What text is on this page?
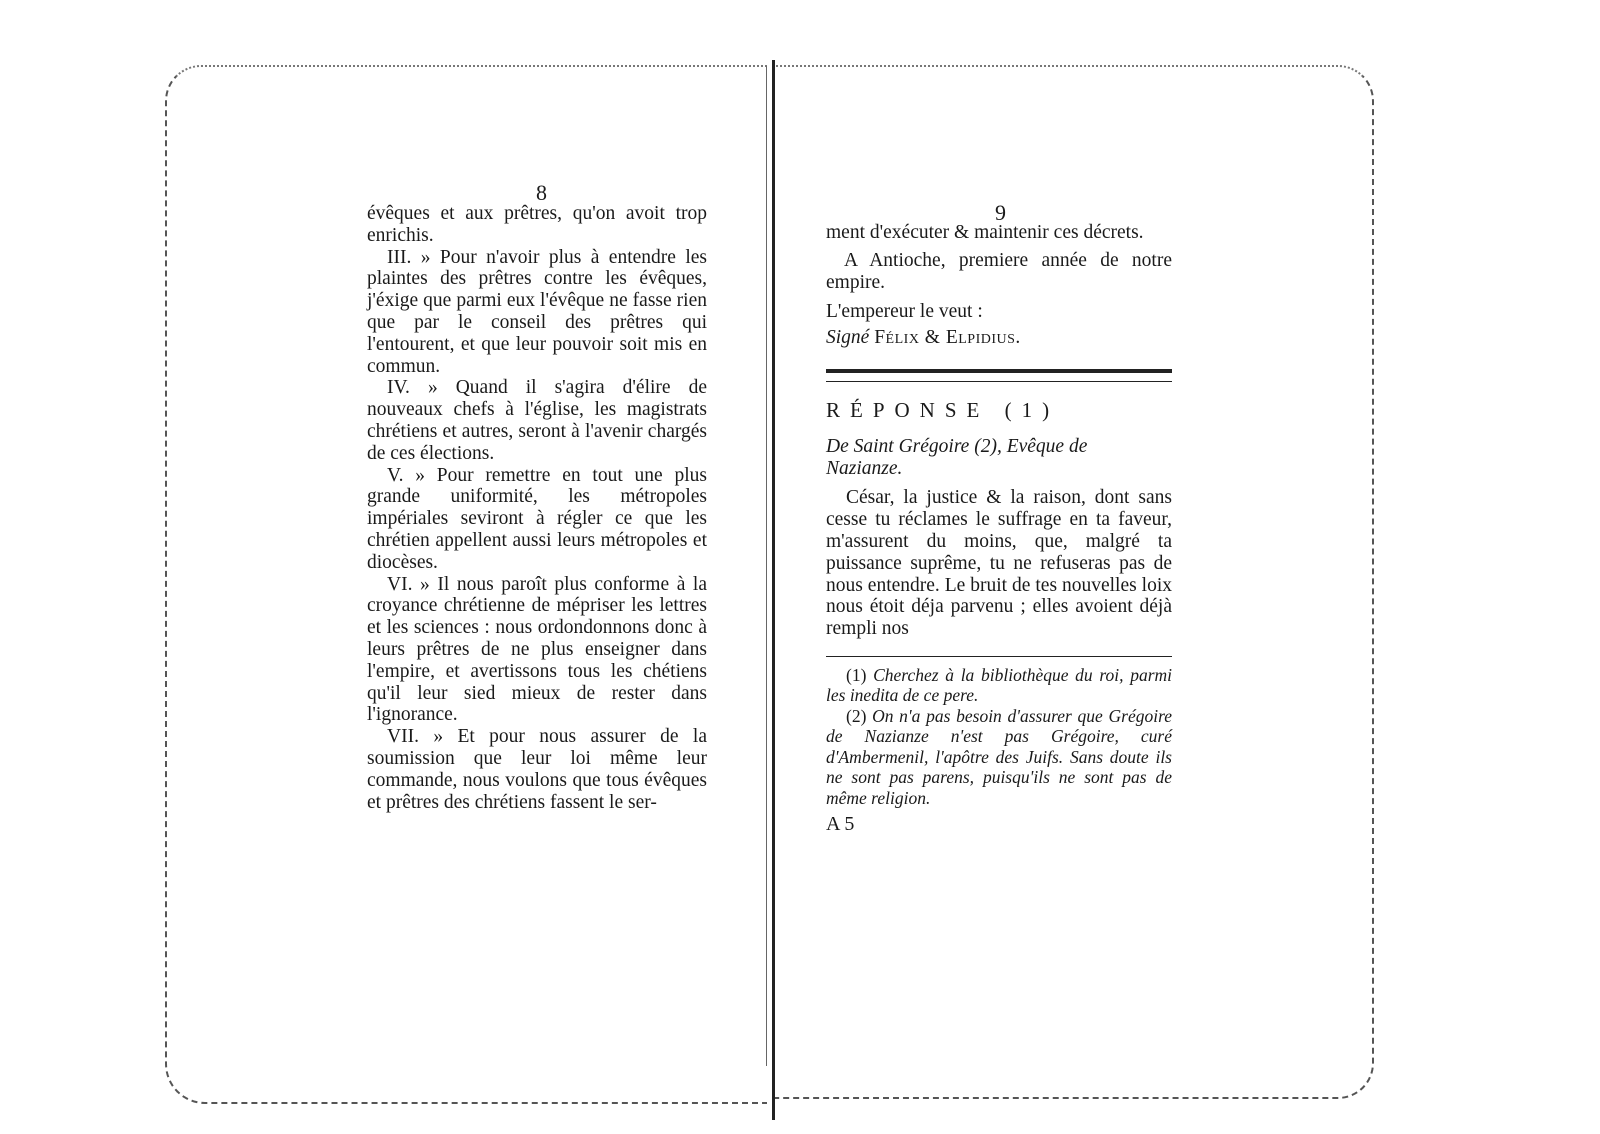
8

évêques et aux prêtres, qu'on avoit trop enrichis.

III. » Pour n'avoir plus à entendre les plaintes des prêtres contre les évêques, j'éxige que parmi eux l'évêque ne fasse rien que par le conseil des prêtres qui l'entourent, et que leur pouvoir soit mis en commun.

IV. » Quand il s'agira d'élire de nouveaux chefs à l'église, les magistrats chrétiens et autres, seront à l'avenir chargés de ces élections.

V. » Pour remettre en tout une plus grande uniformité, les métropoles impériales seviront à régler ce que les chrétien appellent aussi leurs métropoles et diocèses.

VI. » Il nous paroît plus conforme à la croyance chrétienne de mépriser les lettres et les sciences : nous ordondonnons donc à leurs prêtres de ne plus enseigner dans l'empire, et avertissons tous les chétiens qu'il leur sied mieux de rester dans l'ignorance.

VII. » Et pour nous assurer de la soumission que leur loi même leur commande, nous voulons que tous évêques et prêtres des chrétiens fassent le ser-

9

ment d'exécuter & maintenir ces décrets.

A Antioche, premiere année de notre empire.

L'empereur le veut :

Signé Félix & Elpidius.

RÉPONSE (1)

De Saint Grégoire (2), Evêque de

Nazianze.

César, la justice & la raison, dont sans cesse tu réclames le suffrage en ta faveur, m'assurent du moins, que, malgré ta puissance suprême, tu ne refuseras pas de nous entendre. Le bruit de tes nouvelles loix nous étoit déja parvenu ; elles avoient déjà rempli nos

(1) Cherchez à la bibliothèque du roi, parmi les inedita de ce pere.

(2) On n'a pas besoin d'assurer que Grégoire de Nazianze n'est pas Grégoire, curé d'Ambermenil, l'apôtre des Juifs. Sans doute ils ne sont pas parens, puisqu'ils ne sont pas de même religion.

A 5
